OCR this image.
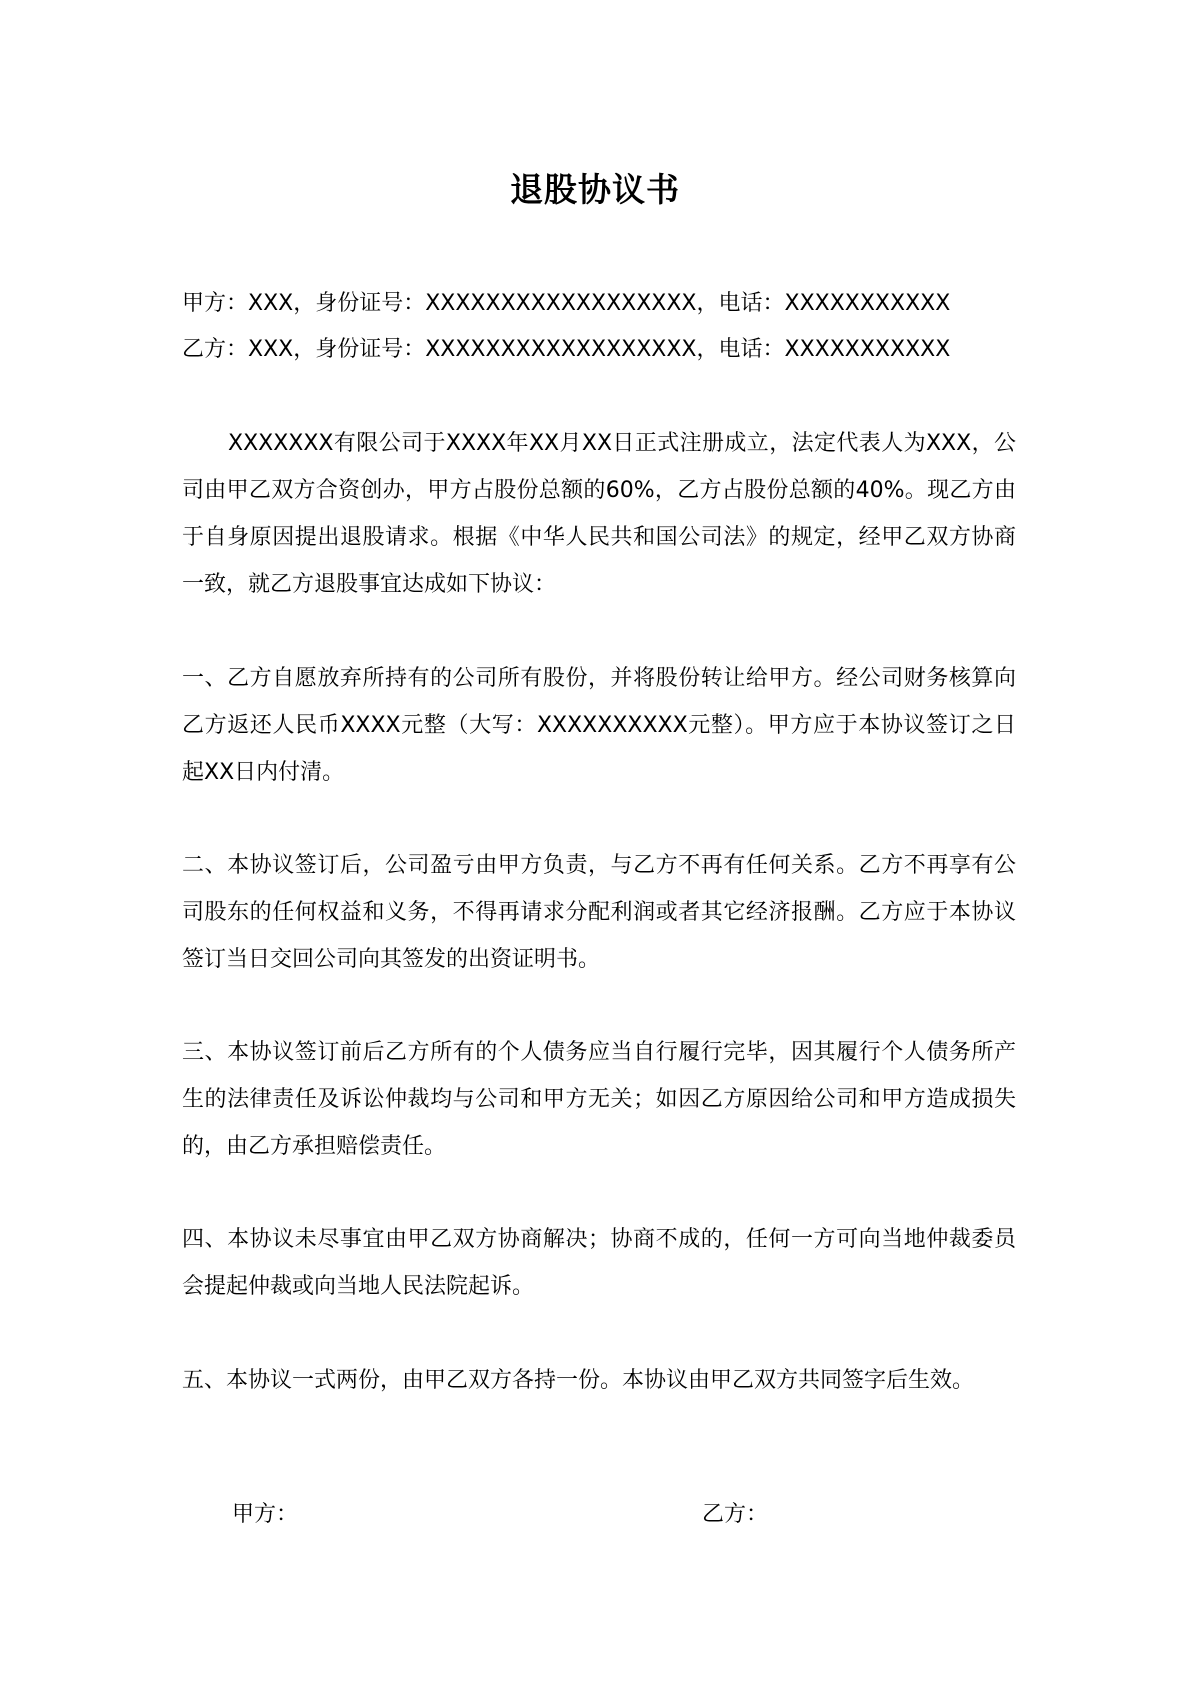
退股协议书
甲方：XXX，身份证号：XXXXXXXXXXXXXXXXXX，电话：XXXXXXXXXXX
乙方：XXX，身份证号：XXXXXXXXXXXXXXXXXX，电话：XXXXXXXXXXX
XXXXXXX有限公司于XXXX年XX月XX日正式注册成立，法定代表人为XXX，公司由甲乙双方合资创办，甲方占股份总额的60%，乙方占股份总额的40%。现乙方由于自身原因提出退股请求。根据《中华人民共和国公司法》的规定，经甲乙双方协商一致，就乙方退股事宜达成如下协议：
一、乙方自愿放弃所持有的公司所有股份，并将股份转让给甲方。经公司财务核算向乙方返还人民币XXXX元整（大写：XXXXXXXXXX元整）。甲方应于本协议签订之日起XX日内付清。
二、本协议签订后，公司盈亏由甲方负责，与乙方不再有任何关系。乙方不再享有公司股东的任何权益和义务，不得再请求分配利润或者其它经济报酬。乙方应于本协议签订当日交回公司向其签发的出资证明书。
三、本协议签订前后乙方所有的个人债务应当自行履行完毕，因其履行个人债务所产生的法律责任及诉讼仲裁均与公司和甲方无关；如因乙方原因给公司和甲方造成损失的，由乙方承担赔偿责任。
四、本协议未尽事宜由甲乙双方协商解决；协商不成的，任何一方可向当地仲裁委员会提起仲裁或向当地人民法院起诉。
五、本协议一式两份，由甲乙双方各持一份。本协议由甲乙双方共同签字后生效。
甲方：	乙方：
